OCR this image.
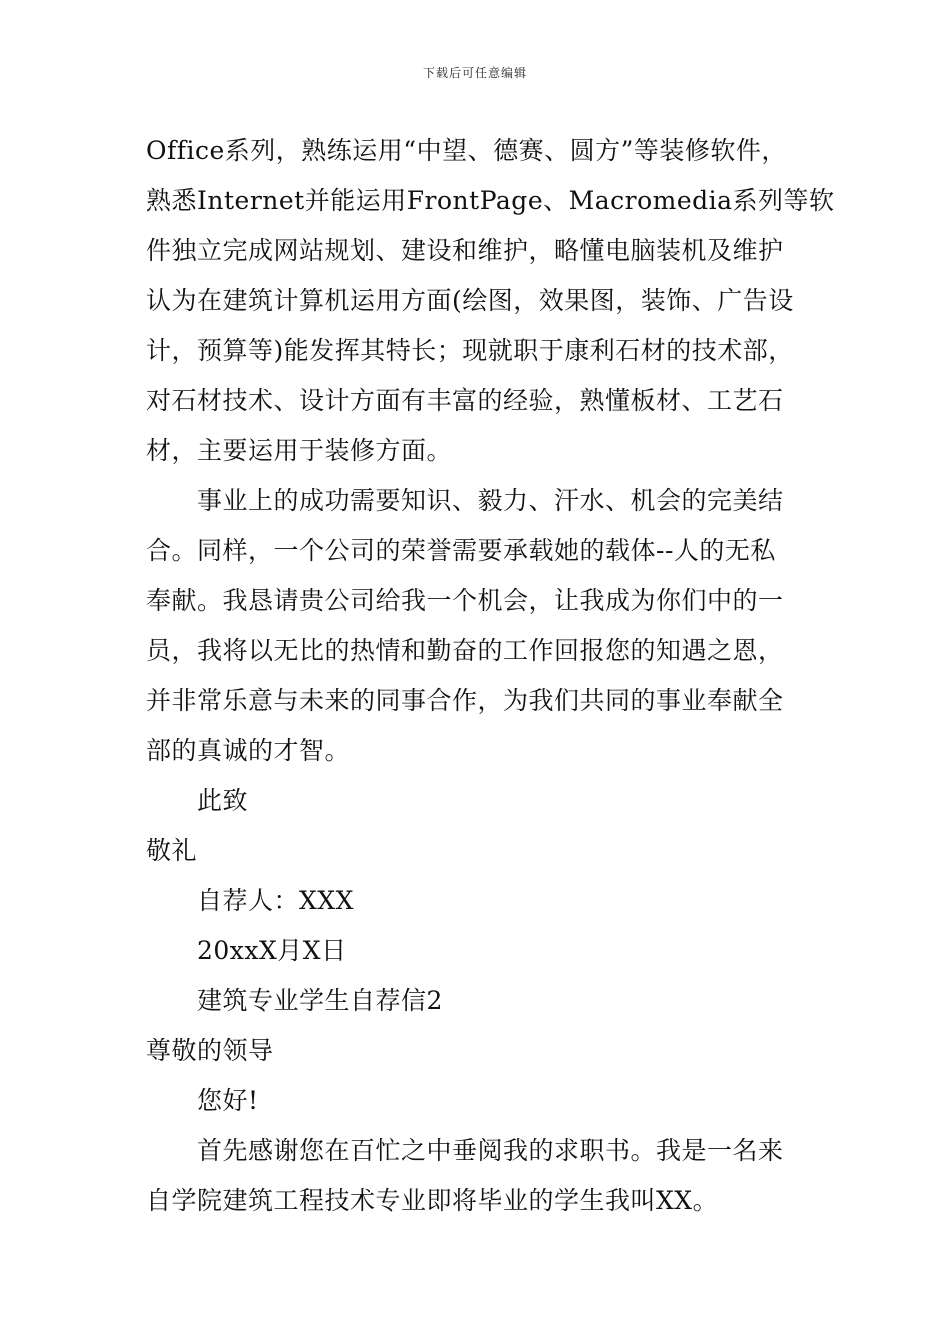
下载后可任意编辑
Office系列，熟练运用“中望、德赛、圆方”等装修软件，
熟悉Internet并能运用FrontPage、Macromedia系列等软
件独立完成网站规划、建设和维护，略懂电脑装机及维护
认为在建筑计算机运用方面(绘图，效果图，装饰、广告设
计，预算等)能发挥其特长；现就职于康利石材的技术部，
对石材技术、设计方面有丰富的经验，熟懂板材、工艺石
材，主要运用于装修方面。
事业上的成功需要知识、毅力、汗水、机会的完美结
合。同样，一个公司的荣誉需要承载她的载体--人的无私
奉献。我恳请贵公司给我一个机会，让我成为你们中的一
员，我将以无比的热情和勤奋的工作回报您的知遇之恩，
并非常乐意与未来的同事合作，为我们共同的事业奉献全
部的真诚的才智。
此致
敬礼
自荐人：XXX
20xxX月X日
建筑专业学生自荐信2
尊敬的领导
您好!
首先感谢您在百忙之中垂阅我的求职书。我是一名来
自学院建筑工程技术专业即将毕业的学生我叫XX。
